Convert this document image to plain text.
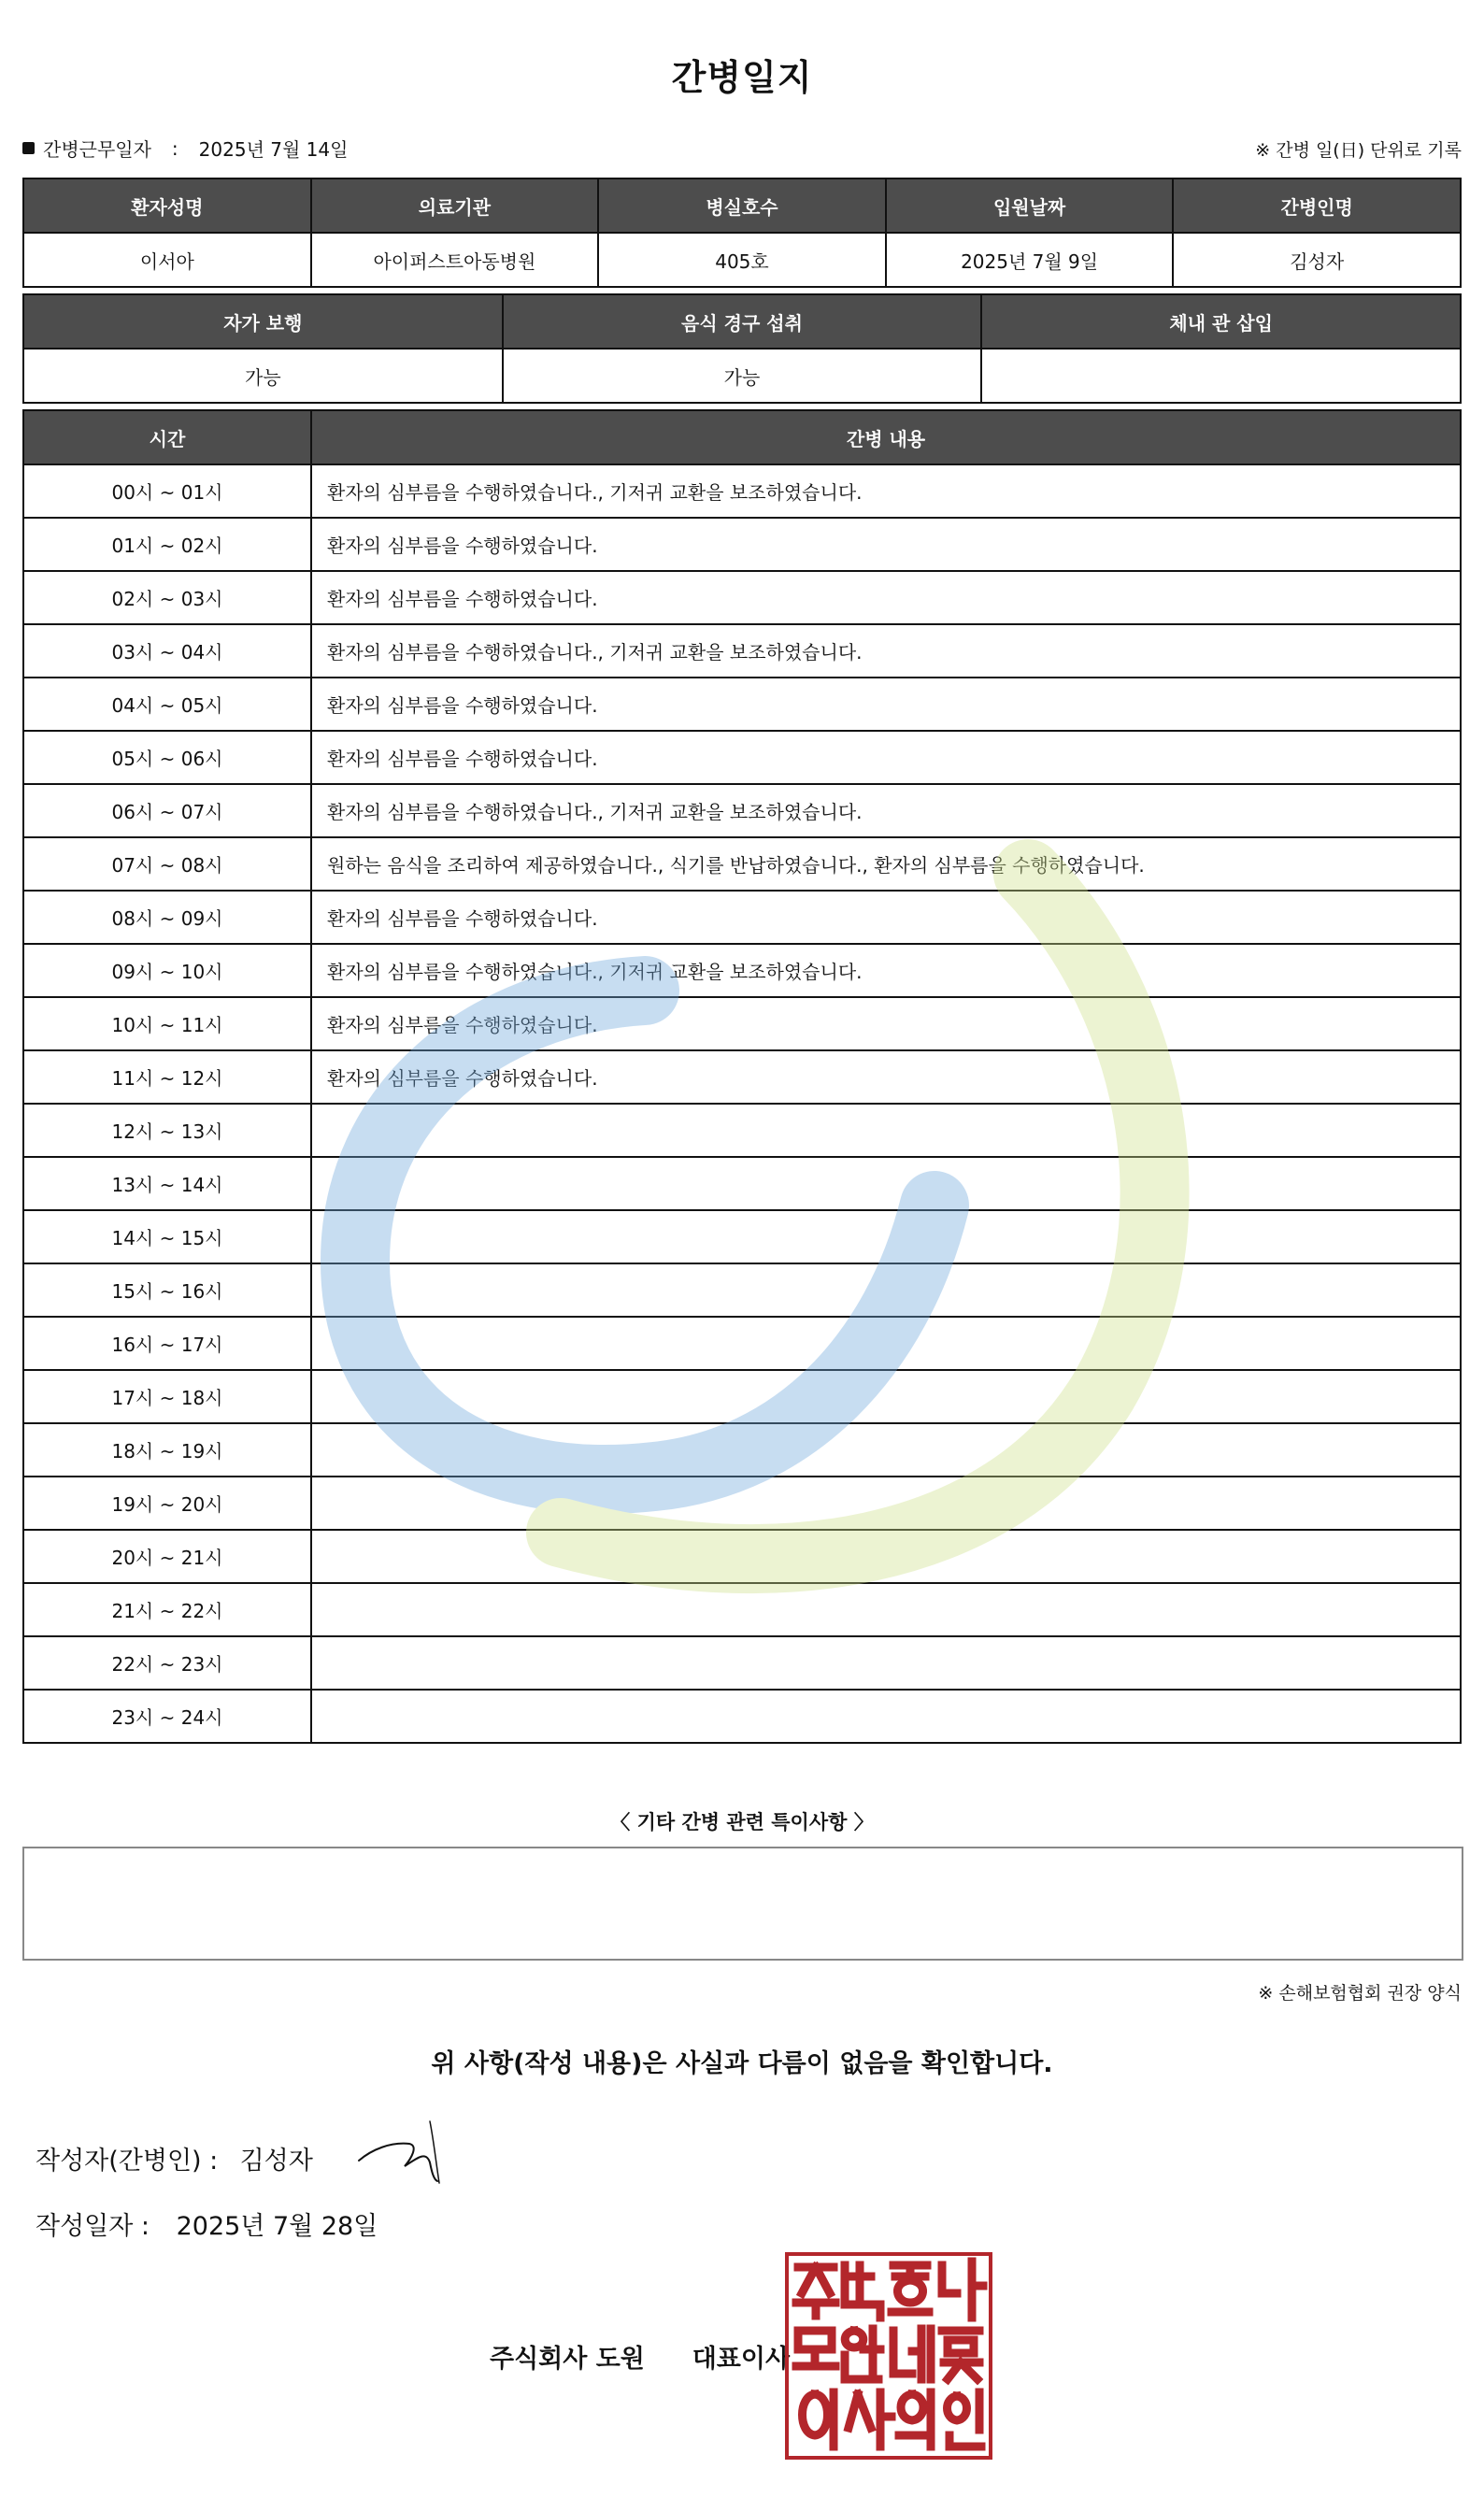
간병일지
간병근무일자 : 2025년 7월 14일	※ 간병 일(日) 단위로 기록
환자성명	의료기관	병실호수	입원날짜	간병인명
이서아	아이퍼스트아동병원	405호	2025년 7월 9일	김성자
자가 보행	음식 경구 섭취	체내 관 삽입
가능	가능	
시간	간병 내용
00시 ~ 01시	환자의 심부름을 수행하였습니다., 기저귀 교환을 보조하였습니다.
01시 ~ 02시	환자의 심부름을 수행하였습니다.
02시 ~ 03시	환자의 심부름을 수행하였습니다.
03시 ~ 04시	환자의 심부름을 수행하였습니다., 기저귀 교환을 보조하였습니다.
04시 ~ 05시	환자의 심부름을 수행하였습니다.
05시 ~ 06시	환자의 심부름을 수행하였습니다.
06시 ~ 07시	환자의 심부름을 수행하였습니다., 기저귀 교환을 보조하였습니다.
07시 ~ 08시	원하는 음식을 조리하여 제공하였습니다., 식기를 반납하였습니다., 환자의 심부름을 수행하였습니다.
08시 ~ 09시	환자의 심부름을 수행하였습니다.
09시 ~ 10시	환자의 심부름을 수행하였습니다., 기저귀 교환을 보조하였습니다.
10시 ~ 11시	환자의 심부름을 수행하였습니다.
11시 ~ 12시	환자의 심부름을 수행하였습니다.
12시 ~ 13시	
13시 ~ 14시	
14시 ~ 15시	
15시 ~ 16시	
16시 ~ 17시	
17시 ~ 18시	
18시 ~ 19시	
19시 ~ 20시	
20시 ~ 21시	
21시 ~ 22시	
22시 ~ 23시	
23시 ~ 24시	
〈 기타 간병 관련 특이사항 〉
※ 손해보험협회 권장 양식
위 사항(작성 내용)은 사실과 다름이 없음을 확인합니다.
작성자(간병인) : 김성자
작성일자 : 2025년 7월 28일
주식회사 도원 대표이사
